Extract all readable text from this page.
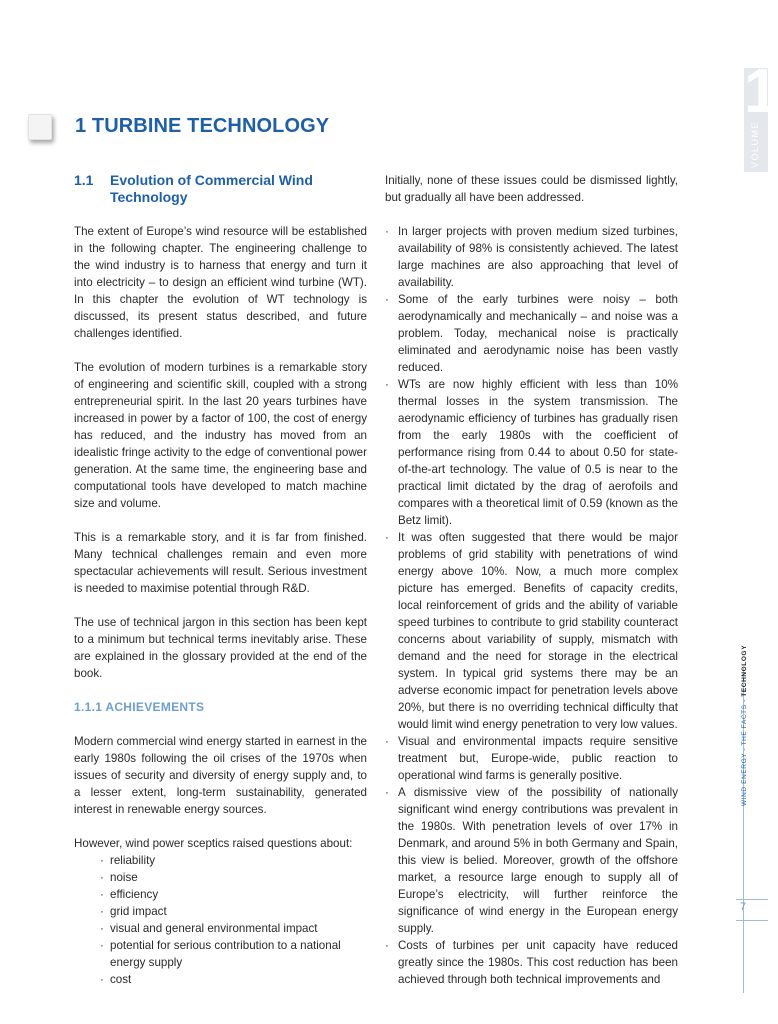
1 TURBINE TECHNOLOGY
1.1	Evolution of Commercial Wind Technology

The extent of Europe’s wind resource will be established in the following chapter. The engineering challenge to the wind industry is to harness that energy and turn it into electricity – to design an efficient wind turbine (WT). In this chapter the evolution of WT technology is discussed, its present status described, and future challenges identified.

The evolution of modern turbines is a remarkable story of engineering and scientific skill, coupled with a strong entrepreneurial spirit. In the last 20 years turbines have increased in power by a factor of 100, the cost of energy has reduced, and the industry has moved from an idealistic fringe activity to the edge of conventional power generation. At the same time, the engineering base and computational tools have developed to match machine size and volume.

This is a remarkable story, and it is far from finished. Many technical challenges remain and even more spectacular achievements will result. Serious investment is needed to maximise potential through R&D.

The use of technical jargon in this section has been kept to a minimum but technical terms inevitably arise. These are explained in the glossary provided at the end of the book.

1.1.1 ACHIEVEMENTS

Modern commercial wind energy started in earnest in the early 1980s following the oil crises of the 1970s when issues of security and diversity of energy supply and, to a lesser extent, long-term sustainability, generated interest in renewable energy sources.

However, wind power sceptics raised questions about:

· reliability
· noise
· efficiency
· grid impact
· visual and general environmental impact
· potential for serious contribution to a national energy supply
· cost

Initially, none of these issues could be dismissed lightly, but gradually all have been addressed.

· In larger projects with proven medium sized turbines, availability of 98% is consistently achieved. The latest large machines are also approaching that level of availability.
· Some of the early turbines were noisy – both aerodynamically and mechanically – and noise was a problem. Today, mechanical noise is practically eliminated and aerodynamic noise has been vastly reduced.
· WTs are now highly efficient with less than 10% thermal losses in the system transmission. The aerodynamic efficiency of turbines has gradually risen from the early 1980s with the coefficient of performance rising from 0.44 to about 0.50 for state-of-the-art technology. The value of 0.5 is near to the practical limit dictated by the drag of aerofoils and compares with a theoretical limit of 0.59 (known as the Betz limit).
· It was often suggested that there would be major problems of grid stability with penetrations of wind energy above 10%. Now, a much more complex picture has emerged. Benefits of capacity credits, local reinforcement of grids and the ability of variable speed turbines to contribute to grid stability counteract concerns about variability of supply, mismatch with demand and the need for storage in the electrical system. In typical grid systems there may be an adverse economic impact for penetration levels above 20%, but there is no overriding technical difficulty that would limit wind energy penetration to very low values.
· Visual and environmental impacts require sensitive treatment but, Europe-wide, public reaction to operational wind farms is generally positive.
· A dismissive view of the possibility of nationally significant wind energy contributions was prevalent in the 1980s. With penetration levels of over 17% in Denmark, and around 5% in both Germany and Spain, this view is belied. Moreover, growth of the offshore market, a resource large enough to supply all of Europe’s electricity, will further reinforce the significance of wind energy in the European energy supply.
· Costs of turbines per unit capacity have reduced greatly since the 1980s. This cost reduction has been achieved through both technical improvements and
1
VOLUME
WIND ENERGY - THE FACTS - TECHNOLOGY
7
